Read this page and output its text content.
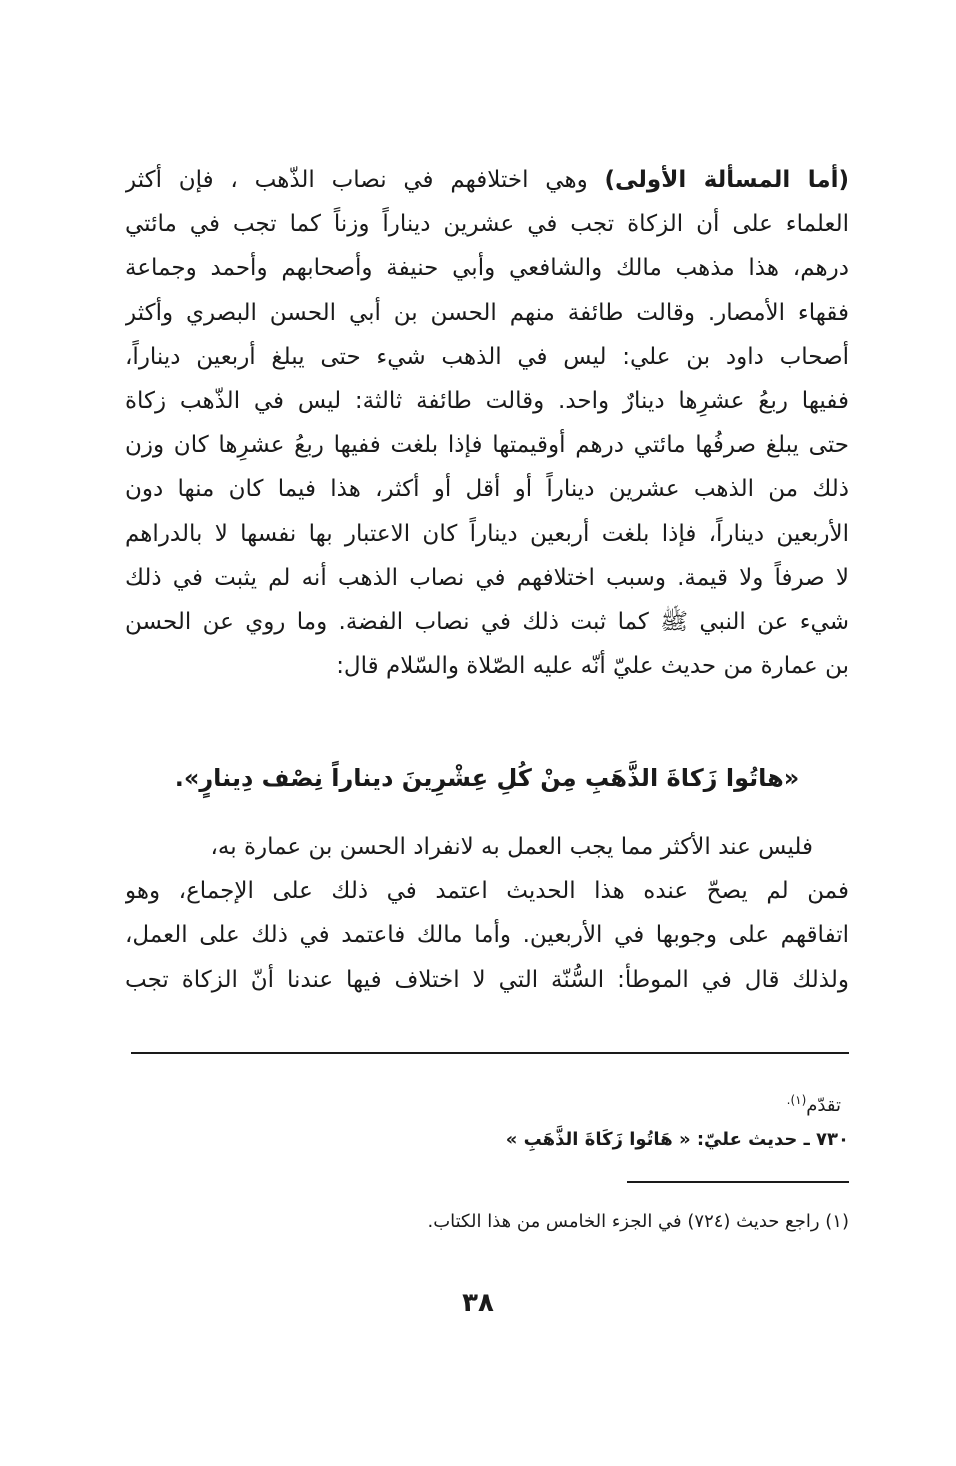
(أما المسألة الأولى) وهي اختلافهم في نصاب الذّهب ، فإن أكثر
العلماء على أن الزكاة تجب في عشرين ديناراً وزناً كما تجب في مائتي
درهم، هذا مذهب مالك والشافعي وأبي حنيفة وأصحابهم وأحمد وجماعة
فقهاء الأمصار. وقالت طائفة منهم الحسن بن أبي الحسن البصري وأكثر
أصحاب داود بن علي: ليس في الذهب شيء حتى يبلغ أربعين ديناراً،
ففيها ربعُ عشرِها دينارٌ واحد. وقالت طائفة ثالثة: ليس في الذّهب زكاة
حتى يبلغ صرفُها مائتي درهم أوقيمتها فإذا بلغت ففيها ربعُ عشرِها كان وزن
ذلك من الذهب عشرين ديناراً أو أقل أو أكثر، هذا فيما كان منها دون
الأربعين ديناراً، فإذا بلغت أربعين ديناراً كان الاعتبار بها نفسها لا بالدراهم
لا صرفاً ولا قيمة. وسبب اختلافهم في نصاب الذهب أنه لم يثبت في ذلك
شيء عن النبي ﷺ كما ثبت ذلك في نصاب الفضة. وما روي عن الحسن
بن عمارة من حديث عليّ أنّه عليه الصّلاة والسّلام قال:
«هاتُوا زَكاةَ الذَّهَبِ مِنْ كُلِ عِشْرِينَ ديناراً نِصْف دِينارٍ».
فليس عند الأكثر مما يجب العمل به لانفراد الحسن بن عمارة به،
فمن لم يصحّ عنده هذا الحديث اعتمد في ذلك على الإجماع، وهو
اتفاقهم على وجوبها في الأربعين. وأما مالك فاعتمد في ذلك على العمل،
ولذلك قال في الموطأ: السُّنّة التي لا اختلاف فيها عندنا أنّ الزكاة تجب
تقدّم$^{(١).}$
٧٣٠ ـ حديث عليّ: « هَاتُوا زَكَاةَ الذَّهَبِ »
(١) راجع حديث (٧٢٤) في الجزء الخامس من هذا الكتاب.
٣٨
